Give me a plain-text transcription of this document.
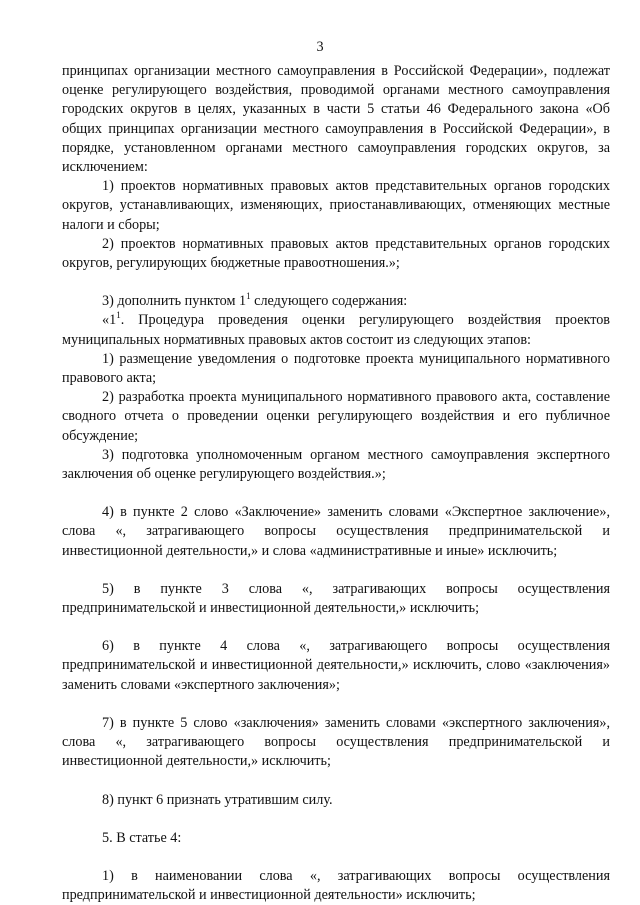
3

принципах организации местного самоуправления в Российской Федерации», подлежат оценке регулирующего воздействия, проводимой органами местного самоуправления городских округов в целях, указанных в части 5 статьи 46 Федерального закона «Об общих принципах организации местного самоуправления в Российской Федерации», в порядке, установленном органами местного самоуправления городских округов, за исключением:

1) проектов нормативных правовых актов представительных органов городских округов, устанавливающих, изменяющих, приостанавливающих, отменяющих местные налоги и сборы;

2) проектов нормативных правовых актов представительных органов городских округов, регулирующих бюджетные правоотношения.»;

3) дополнить пунктом $1^1$ следующего содержания:

«$1^1$. Процедура проведения оценки регулирующего воздействия проектов муниципальных нормативных правовых актов состоит из следующих этапов:

1) размещение уведомления о подготовке проекта муниципального нормативного правового акта;

2) разработка проекта муниципального нормативного правового акта, составление сводного отчета о проведении оценки регулирующего воздействия и его публичное обсуждение;

3) подготовка уполномоченным органом местного самоуправления экспертного заключения об оценке регулирующего воздействия.»;

4) в пункте 2 слово «Заключение» заменить словами «Экспертное заключение», слова «, затрагивающего вопросы осуществления предпринимательской и инвестиционной деятельности,» и слова «административные и иные» исключить;

5) в пункте 3 слова «, затрагивающих вопросы осуществления предпринимательской и инвестиционной деятельности,» исключить;

6) в пункте 4 слова «, затрагивающего вопросы осуществления предпринимательской и инвестиционной деятельности,» исключить, слово «заключения» заменить словами «экспертного заключения»;

7) в пункте 5 слово «заключения» заменить словами «экспертного заключения», слова «, затрагивающего вопросы осуществления предпринимательской и инвестиционной деятельности,» исключить;

8) пункт 6 признать утратившим силу.

5. В статье 4:

1) в наименовании слова «, затрагивающих вопросы осуществления предпринимательской и инвестиционной деятельности» исключить;
